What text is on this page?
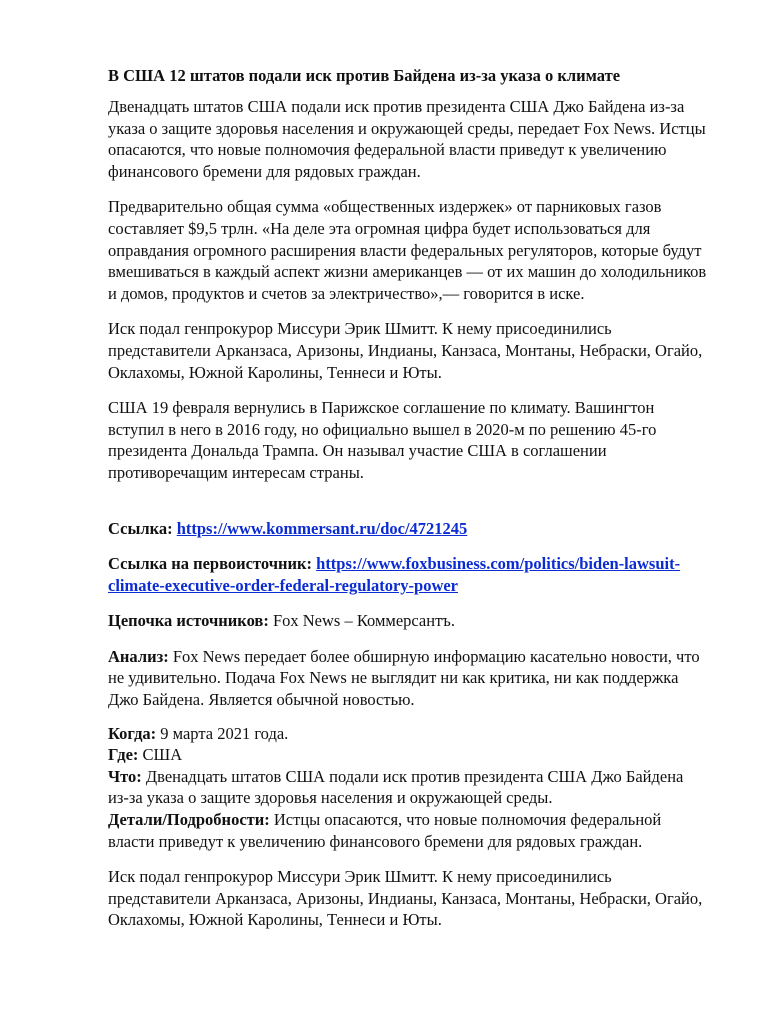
В США 12 штатов подали иск против Байдена из-за указа о климате

Двенадцать штатов США подали иск против президента США Джо Байдена из-за указа о защите здоровья населения и окружающей среды, передает Fox News. Истцы опасаются, что новые полномочия федеральной власти приведут к увеличению финансового бремени для рядовых граждан.

Предварительно общая сумма «общественных издержек» от парниковых газов составляет $9,5 трлн. «На деле эта огромная цифра будет использоваться для оправдания огромного расширения власти федеральных регуляторов, которые будут вмешиваться в каждый аспект жизни американцев — от их машин до холодильников и домов, продуктов и счетов за электричество»,— говорится в иске.

Иск подал генпрокурор Миссури Эрик Шмитт. К нему присоединились представители Арканзаса, Аризоны, Индианы, Канзаса, Монтаны, Небраски, Огайо, Оклахомы, Южной Каролины, Теннеси и Юты.

США 19 февраля вернулись в Парижское соглашение по климату. Вашингтон вступил в него в 2016 году, но официально вышел в 2020-м по решению 45-го президента Дональда Трампа. Он называл участие США в соглашении противоречащим интересам страны.

Ссылка: https://www.kommersant.ru/doc/4721245

Ссылка на первоисточник: https://www.foxbusiness.com/politics/biden-lawsuit-climate-executive-order-federal-regulatory-power

Цепочка источников: Fox News – Коммерсантъ.

Анализ: Fox News передает более обширную информацию касательно новости, что не удивительно. Подача Fox News не выглядит ни как критика, ни как поддержка Джо Байдена. Является обычной новостью.

Когда: 9 марта 2021 года.

Где: США

Что: Двенадцать штатов США подали иск против президента США Джо Байдена из-за указа о защите здоровья населения и окружающей среды.

Детали/Подробности: Истцы опасаются, что новые полномочия федеральной власти приведут к увеличению финансового бремени для рядовых граждан.

Иск подал генпрокурор Миссури Эрик Шмитт. К нему присоединились представители Арканзаса, Аризоны, Индианы, Канзаса, Монтаны, Небраски, Огайо, Оклахомы, Южной Каролины, Теннеси и Юты.
